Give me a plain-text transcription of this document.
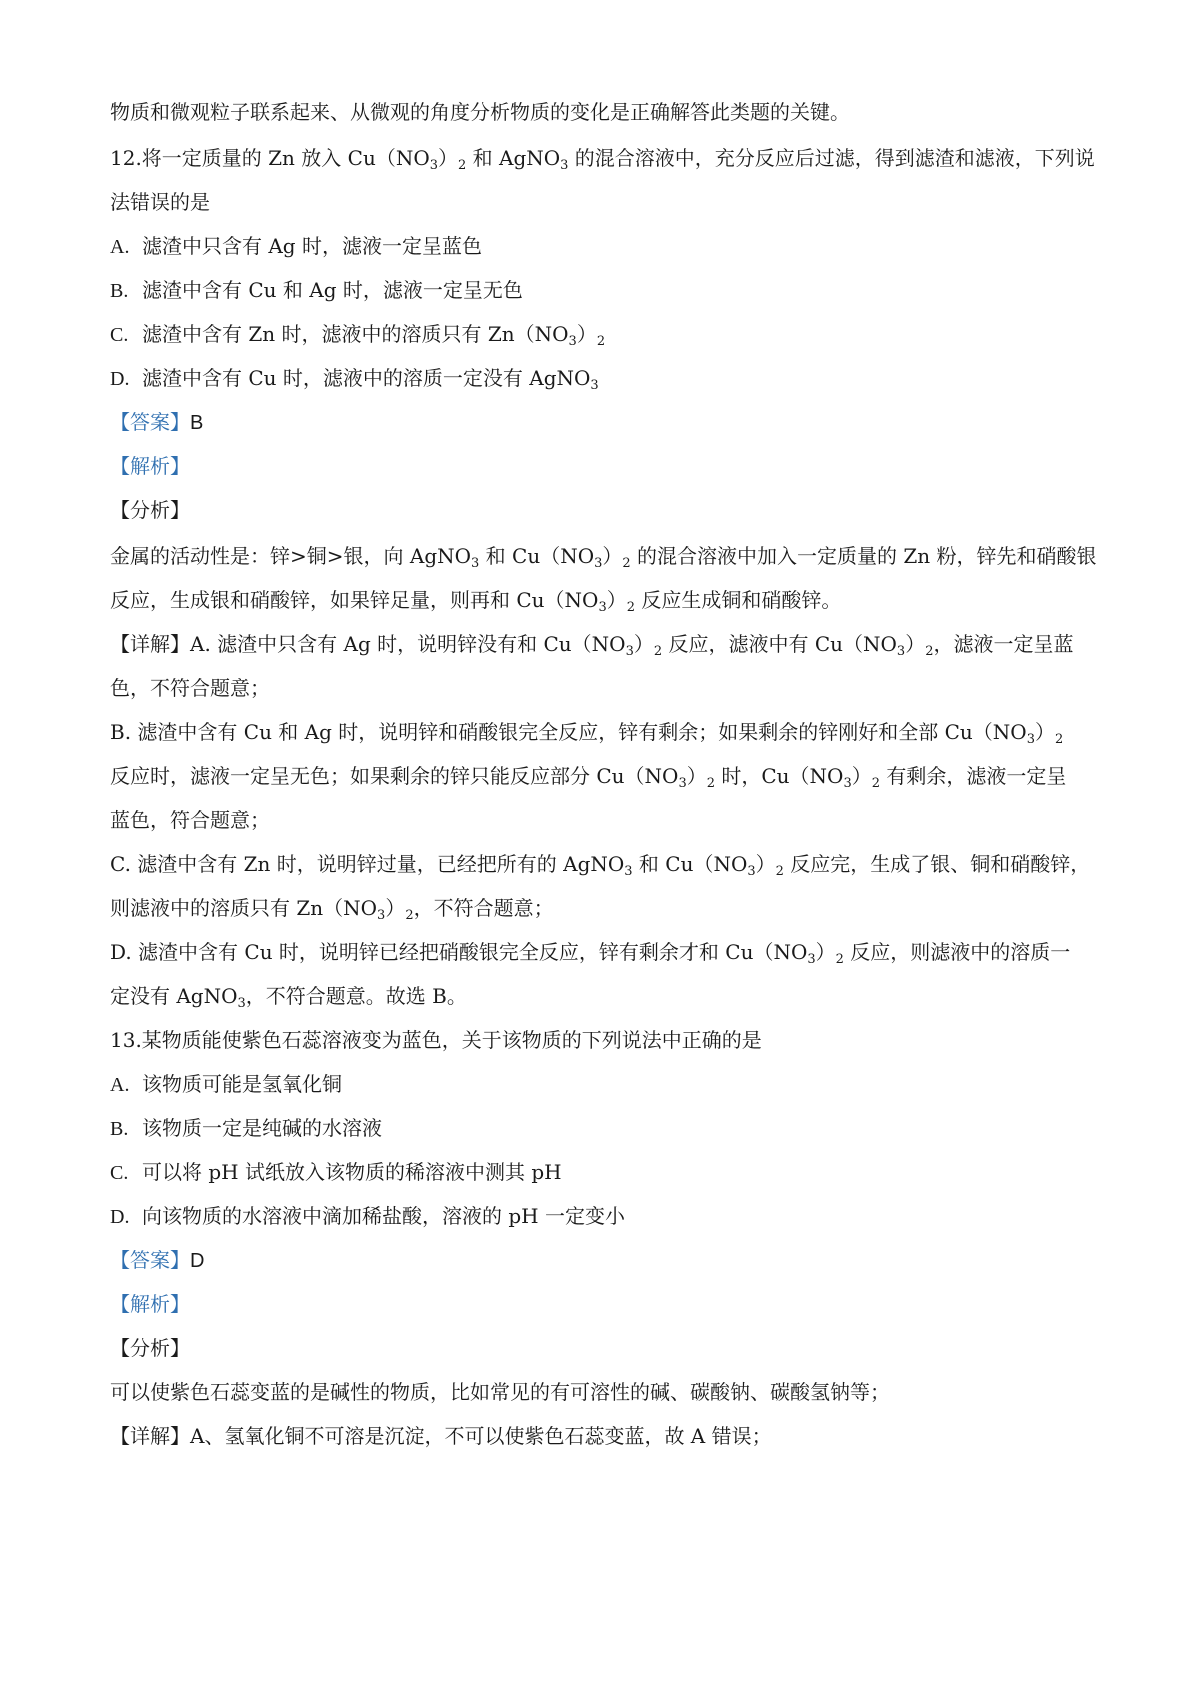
物质和微观粒子联系起来、从微观的角度分析物质的变化是正确解答此类题的关键。
12.将一定质量的 Zn 放入 $Cu(NO_3)_2$ 和 AgNO$_3$ 的混合溶液中，充分反应后过滤，得到滤渣和滤液，下列说
法错误的是
A. 滤渣中只含有 Ag 时，滤液一定呈蓝色
B. 滤渣中含有 Cu 和 Ag 时，滤液一定呈无色
C. 滤渣中含有 Zn 时，滤液中的溶质只有 $Zn(NO_3)_2$
D. 滤渣中含有 Cu 时，滤液中的溶质一定没有 AgNO$_3$
【答案】B
【解析】
【分析】
金属的活动性是：锌>铜>银，向 AgNO$_3$ 和 $Cu(NO_3)_2$ 的混合溶液中加入一定质量的 Zn 粉，锌先和硝酸银
反应，生成银和硝酸锌，如果锌足量，则再和 $Cu(NO_3)_2$ 反应生成铜和硝酸锌。
【详解】A. 滤渣中只含有 Ag 时，说明锌没有和 $Cu(NO_3)_2$ 反应，滤液中有 $Cu(NO_3)_2$，滤液一定呈蓝
色，不符合题意；
B. 滤渣中含有 Cu 和 Ag 时，说明锌和硝酸银完全反应，锌有剩余；如果剩余的锌刚好和全部 $Cu(NO_3)_2$
反应时，滤液一定呈无色；如果剩余的锌只能反应部分 $Cu(NO_3)_2$ 时，$Cu(NO_3)_2$ 有剩余，滤液一定呈
蓝色，符合题意；
C. 滤渣中含有 Zn 时，说明锌过量，已经把所有的 AgNO$_3$ 和 $Cu(NO_3)_2$ 反应完，生成了银、铜和硝酸锌，
则滤液中的溶质只有 $Zn(NO_3)_2$，不符合题意；
D. 滤渣中含有 Cu 时，说明锌已经把硝酸银完全反应，锌有剩余才和 $Cu(NO_3)_2$ 反应，则滤液中的溶质一
定没有 AgNO$_3$，不符合题意。故选 B。
13.某物质能使紫色石蕊溶液变为蓝色，关于该物质的下列说法中正确的是
A. 该物质可能是氢氧化铜
B. 该物质一定是纯碱的水溶液
C. 可以将 pH 试纸放入该物质的稀溶液中测其 pH
D. 向该物质的水溶液中滴加稀盐酸，溶液的 pH 一定变小
【答案】D
【解析】
【分析】
可以使紫色石蕊变蓝的是碱性的物质，比如常见的有可溶性的碱、碳酸钠、碳酸氢钠等；
【详解】A、氢氧化铜不可溶是沉淀，不可以使紫色石蕊变蓝，故 A 错误；
